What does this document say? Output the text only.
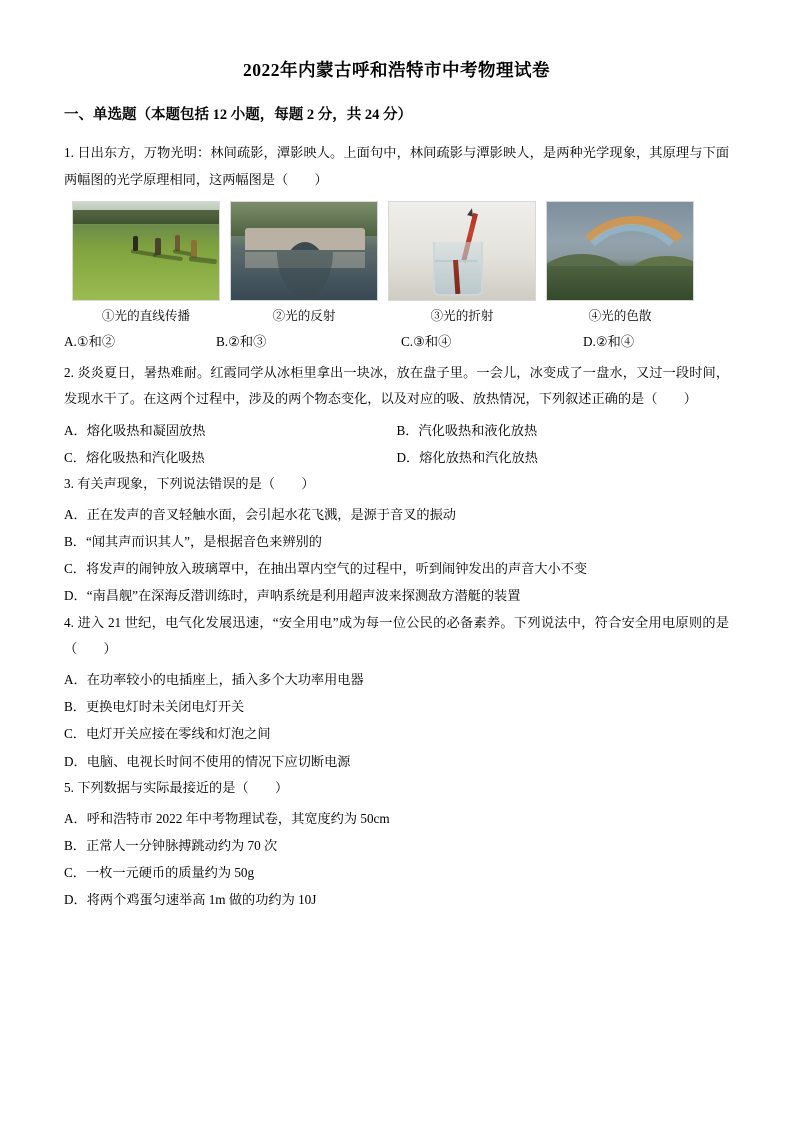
2022年内蒙古呼和浩特市中考物理试卷
一、单选题（本题包括 12 小题，每题 2 分，共 24 分）

1. 日出东方，万物光明：林间疏影，潭影映人。上面句中，林间疏影与潭影映人，是两种光学现象，其原理与下面两幅图的光学原理相同，这两幅图是（　　）

①光的直线传播	②光的反射	③光的折射	④光的色散
A.①和②	B.②和③	C.③和④	D.②和④

2. 炎炎夏日，暑热难耐。红霞同学从冰柜里拿出一块冰，放在盘子里。一会儿，冰变成了一盘水，又过一段时间，发现水干了。在这两个过程中，涉及的两个物态变化，以及对应的吸、放热情况，下列叙述正确的是（　　）

A．熔化吸热和凝固放热	B．汽化吸热和液化放热
C．熔化吸热和汽化吸热	D．熔化放热和汽化放热

3. 有关声现象，下列说法错误的是（　　）

A．正在发声的音叉轻触水面，会引起水花飞溅，是源于音叉的振动

B．“闻其声而识其人”，是根据音色来辨别的

C．将发声的闹钟放入玻璃罩中，在抽出罩内空气的过程中，听到闹钟发出的声音大小不变

D．“南昌舰”在深海反潜训练时，声呐系统是利用超声波来探测敌方潜艇的装置

4. 进入 21 世纪，电气化发展迅速，“安全用电”成为每一位公民的必备素养。下列说法中，符合安全用电原则的是（　　）

A．在功率较小的电插座上，插入多个大功率用电器

B．更换电灯时未关闭电灯开关

C．电灯开关应接在零线和灯泡之间

D．电脑、电视长时间不使用的情况下应切断电源

5. 下列数据与实际最接近的是（　　）

A．呼和浩特市 2022 年中考物理试卷，其宽度约为 50cm

B．正常人一分钟脉搏跳动约为 70 次

C．一枚一元硬币的质量约为 50g

D．将两个鸡蛋匀速举高 1m 做的功约为 10J
